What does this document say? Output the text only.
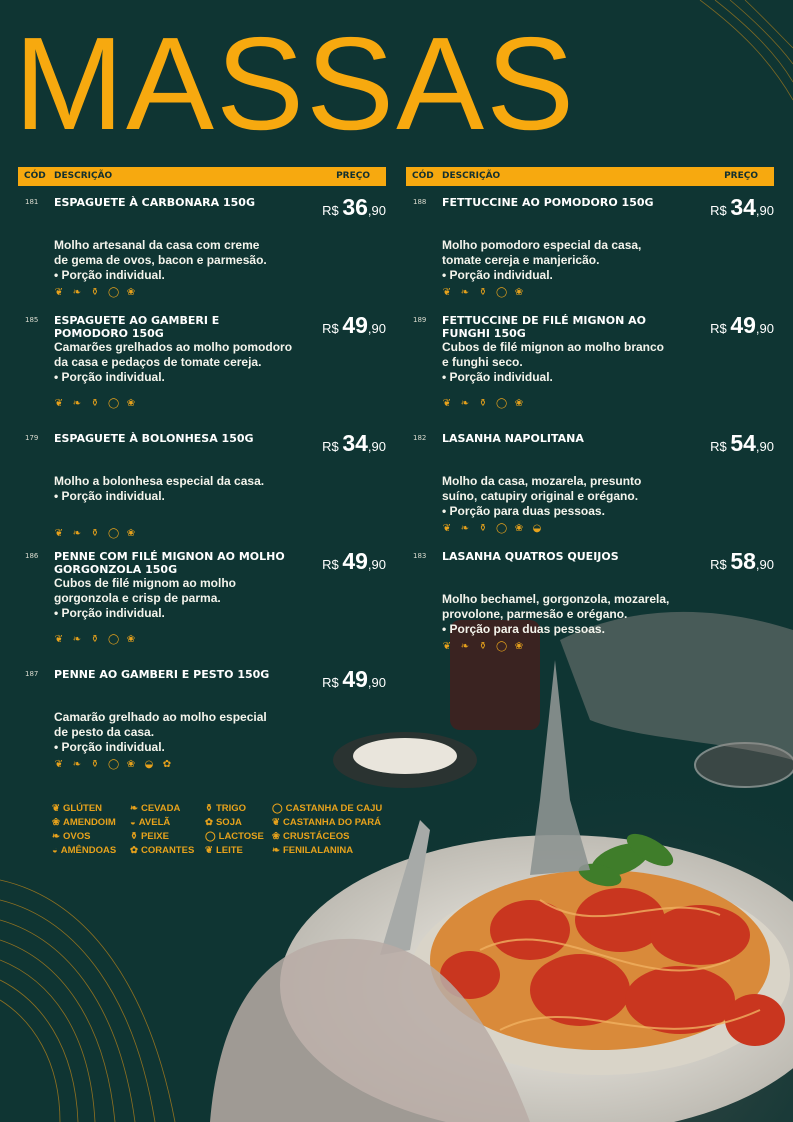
MASSAS
CÓD DESCRIÇÃO	PREÇO
181 ESPAGUETE À CARBONARA 150G
Molho artesanal da casa com creme
de gema de ovos, bacon e parmesão.
• Porção individual.
R$ 36,90
❦ ❧ ⚱ ◯ ❀
185 ESPAGUETE AO GAMBERI E POMODORO 150G
Camarões grelhados ao molho pomodoro
da casa e pedaços de tomate cereja.
• Porção individual.
R$ 49,90
❦ ❧ ⚱ ◯ ❀
179 ESPAGUETE À BOLONHESA 150G
Molho a bolonhesa especial da casa.
• Porção individual.
R$ 34,90
❦ ❧ ⚱ ◯ ❀
186 PENNE COM FILÉ MIGNON AO MOLHO GORGONZOLA 150G
Cubos de filé mignom ao molho
gorgonzola e crisp de parma.
• Porção individual.
R$ 49,90
❦ ❧ ⚱ ◯ ❀
187 PENNE AO GAMBERI E PESTO 150G
Camarão grelhado ao molho especial
de pesto da casa.
• Porção individual.
R$ 49,90
❦ ❧ ⚱ ◯ ❀ ◒ ✿
CÓD DESCRIÇÃO	PREÇO
188 FETTUCCINE AO POMODORO 150G
Molho pomodoro especial da casa,
tomate cereja e manjericão.
• Porção individual.
R$ 34,90
❦ ❧ ⚱ ◯ ❀
189 FETTUCCINE DE FILÉ MIGNON AO FUNGHI 150G
Cubos de filé mignon ao molho branco
e funghi seco.
• Porção individual.
R$ 49,90
❦ ❧ ⚱ ◯ ❀
182 LASANHA NAPOLITANA
Molho da casa, mozarela, presunto
suíno, catupiry original e orégano.
• Porção para duas pessoas.
R$ 54,90
❦ ❧ ⚱ ◯ ❀ ◒
183 LASANHA QUATROS QUEIJOS
Molho bechamel, gorgonzola, mozarela,
provolone, parmesão e orégano.
• Porção para duas pessoas.
R$ 58,90
❦ ❧ ⚱ ◯ ❀
❦ GLÚTEN	❧ CEVADA	⚱ TRIGO	◯ CASTANHA DE CAJU
❀ AMENDOIM	◒ AVELÃ	✿ SOJA	❦ CASTANHA DO PARÁ
❧ OVOS	⚱ PEIXE	◯ LACTOSE ❀ CRUSTÁCEOS
◒ AMÊNDOAS	✿ CORANTES	❦ LEITE	❧ FENILALANINA
